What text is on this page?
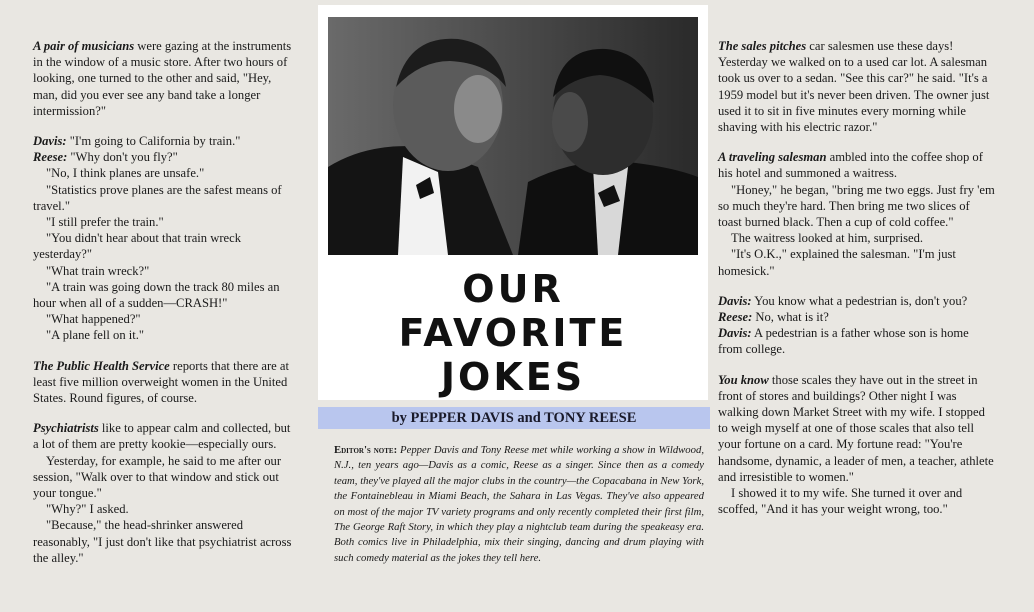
A pair of musicians were gazing at the instruments in the window of a music store. After two hours of looking, one turned to the other and said, "Hey, man, did you ever see any band take a longer intermission?"

Davis: "I'm going to California by train."

Reese: "Why don't you fly?"

"No, I think planes are unsafe."

"Statistics prove planes are the safest means of travel."

"I still prefer the train."

"You didn't hear about that train wreck yesterday?"

"What train wreck?"

"A train was going down the track 80 miles an hour when all of a sudden—CRASH!"

"What happened?"

"A plane fell on it."

The Public Health Service reports that there are at least five million overweight women in the United States. Round figures, of course.

Psychiatrists like to appear calm and collected, but a lot of them are pretty kookie—especially ours.

Yesterday, for example, he said to me after our session, "Walk over to that window and stick out your tongue."

"Why?" I asked.

"Because," the head-shrinker answered reasonably, "I just don't like that psychiatrist across the alley."

OUR
FAVORITE
JOKES
by PEPPER DAVIS and TONY REESE
Editor's note: Pepper Davis and Tony Reese met while working a show in Wildwood, N.J., ten years ago—Davis as a comic, Reese as a singer. Since then as a comedy team, they've played all the major clubs in the country—the Copacabana in New York, the Fontainebleau in Miami Beach, the Sahara in Las Vegas. They've also appeared on most of the major TV variety programs and only recently completed their first film, The George Raft Story, in which they play a nightclub team during the speakeasy era. Both comics live in Philadelphia, mix their singing, dancing and drum playing with such comedy material as the jokes they tell here.

The sales pitches car salesmen use these days! Yesterday we walked on to a used car lot. A salesman took us over to a sedan. "See this car?" he said. "It's a 1959 model but it's never been driven. The owner just used it to sit in five minutes every morning while shaving with his electric razor."

A traveling salesman ambled into the coffee shop of his hotel and summoned a waitress.

"Honey," he began, "bring me two eggs. Just fry 'em so much they're hard. Then bring me two slices of toast burned black. Then a cup of cold coffee."

The waitress looked at him, surprised.

"It's O.K.," explained the salesman. "I'm just homesick."

Davis: You know what a pedestrian is, don't you?

Reese: No, what is it?

Davis: A pedestrian is a father whose son is home from college.

You know those scales they have out in the street in front of stores and buildings? Other night I was walking down Market Street with my wife. I stopped to weigh myself at one of those scales that also tell your fortune on a card. My fortune read: "You're handsome, dynamic, a leader of men, a teacher, athlete and irresistible to women."

I showed it to my wife. She turned it over and scoffed, "And it has your weight wrong, too."
